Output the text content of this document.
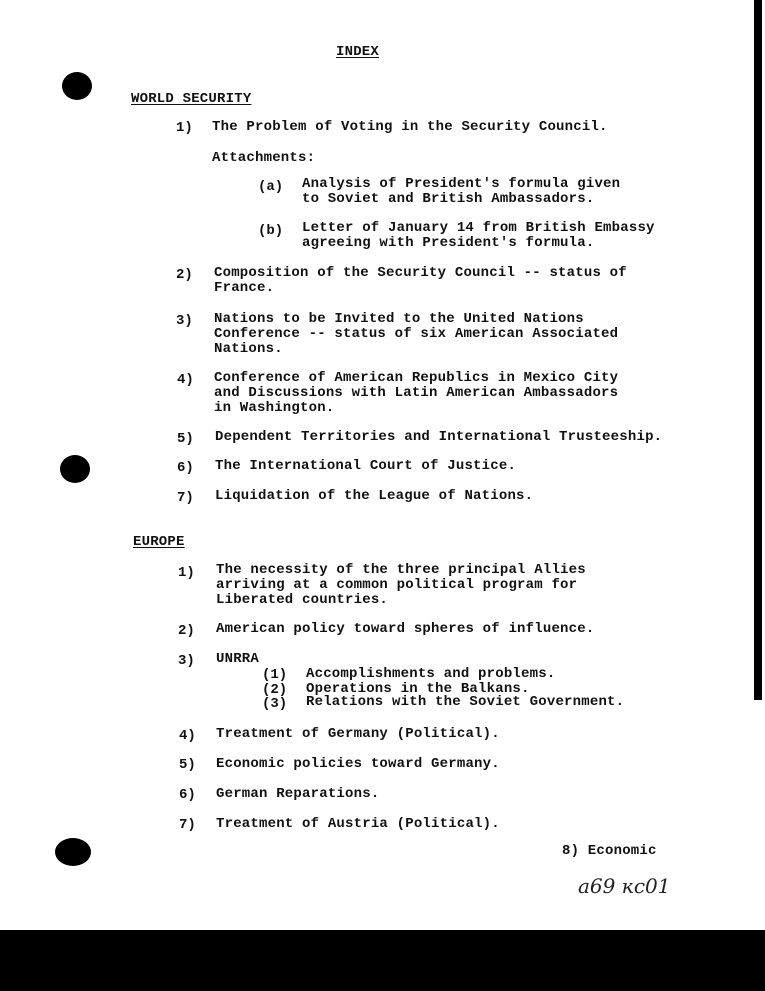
INDEX
WORLD SECURITY
1) The Problem of Voting in the Security Council.
Attachments:
(a) Analysis of President's formula given
to Soviet and British Ambassadors.
(b) Letter of January 14 from British Embassy
agreeing with President's formula.
2) Composition of the Security Council -- status of
France.
3) Nations to be Invited to the United Nations
Conference -- status of six American Associated
Nations.
4) Conference of American Republics in Mexico City
and Discussions with Latin American Ambassadors
in Washington.
5) Dependent Territories and International Trusteeship.
6) The International Court of Justice.
7) Liquidation of the League of Nations.
EUROPE
1) The necessity of the three principal Allies
arriving at a common political program for
Liberated countries.
2) American policy toward spheres of influence.
3) UNRRA
(1) Accomplishments and problems.
(2) Operations in the Balkans.
(3) Relations with the Soviet Government.
4) Treatment of Germany (Political).
5) Economic policies toward Germany.
6) German Reparations.
7) Treatment of Austria (Political).
8) Economic
a69 ĸc01
